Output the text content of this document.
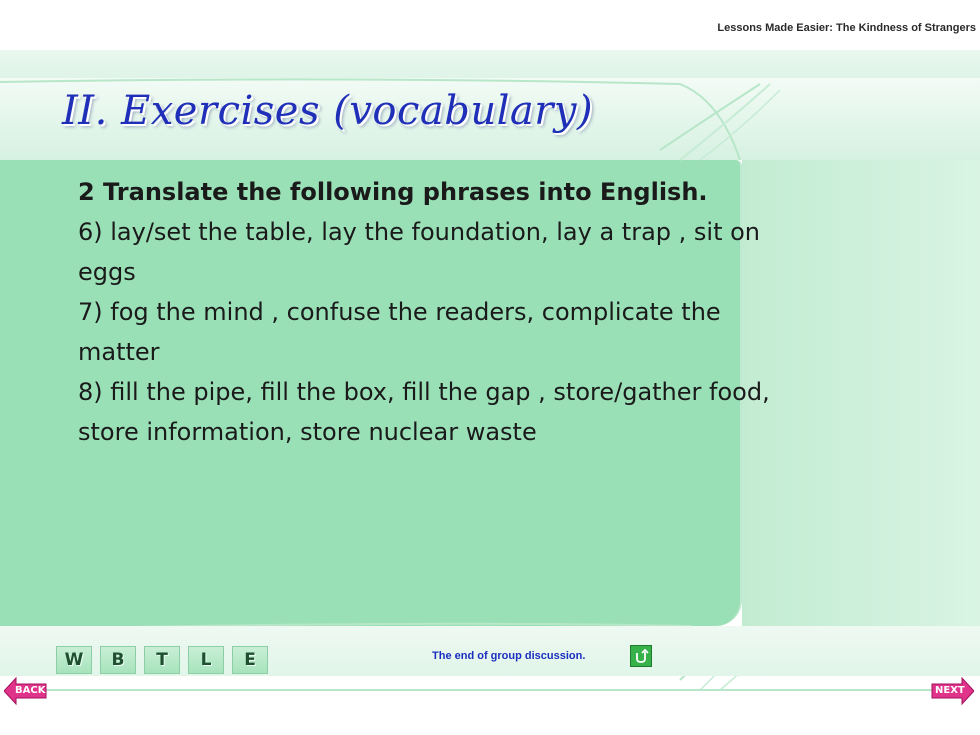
Lessons Made Easier: The Kindness of Strangers
II. Exercises (vocabulary)

2 Translate the following phrases into English.

6) lay/set the table, lay the foundation, lay a trap , sit on

eggs

7) fog the mind , confuse the readers, complicate the

matter

8) fill the pipe, fill the box, fill the gap , store/gather food,

store information, store nuclear waste

W	B	T	L	E	The end of group discussion.
BACK	NEXT
